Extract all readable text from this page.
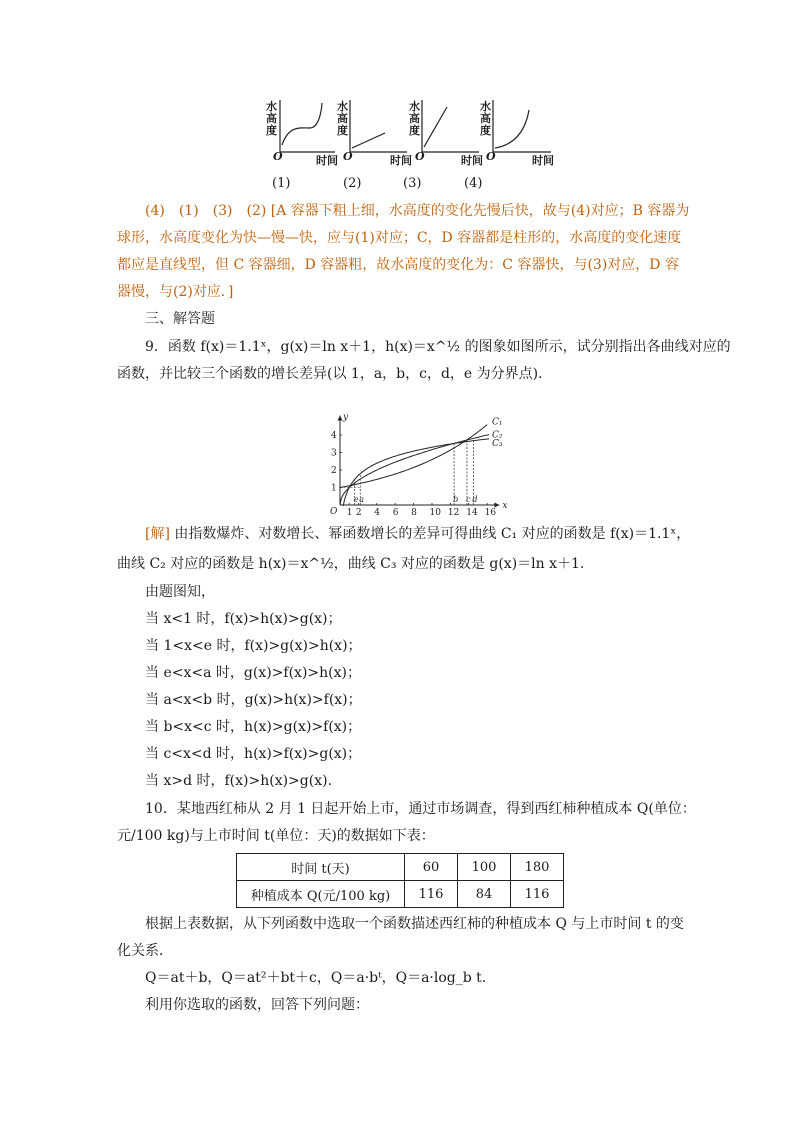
水高度
水高度
水高度
水高度
O	时间 O	时间 O	时间 O	时间
(1)	(2)	(3)	(4)
(4)　(1)　(3)　(2) [A 容器下粗上细，水高度的变化先慢后快，故与(4)对应；B 容器为
球形，水高度变化为快—慢—快，应与(1)对应；C，D 容器都是柱形的，水高度的变化速度
都应是直线型，但 C 容器细，D 容器粗，故水高度的变化为：C 容器快，与(3)对应，D 容
器慢，与(2)对应．]
三、解答题
9．函数 f(x)＝1.1ˣ，g(x)＝ln x＋1，h(x)＝x^½ 的图象如图所示，试分别指出各曲线对应的
函数，并比较三个函数的增长差异(以 1，a，b，c，d，e 为分界点)．
x
y
O 1 2 4 6 8 10 12 14 16
1
2
3
4
C₁
C₂
C₃
e a	b c d
[解] 由指数爆炸、对数增长、幂函数增长的差异可得曲线 C₁ 对应的函数是 f(x)＝1.1ˣ，
曲线 C₂ 对应的函数是 h(x)＝x^½，曲线 C₃ 对应的函数是 g(x)＝ln x＋1.
由题图知，
当 x<1 时，f(x)>h(x)>g(x)；
当 1<x<e 时，f(x)>g(x)>h(x)；
当 e<x<a 时，g(x)>f(x)>h(x)；
当 a<x<b 时，g(x)>h(x)>f(x)；
当 b<x<c 时，h(x)>g(x)>f(x)；
当 c<x<d 时，h(x)>f(x)>g(x)；
当 x>d 时，f(x)>h(x)>g(x).
10．某地西红柿从 2 月 1 日起开始上市，通过市场调查，得到西红柿种植成本 Q(单位：
元/100 kg)与上市时间 t(单位：天)的数据如下表：
时间 t(天)	60	100	180
种植成本 Q(元/100 kg)	116	84	116
根据上表数据，从下列函数中选取一个函数描述西红柿的种植成本 Q 与上市时间 t 的变
化关系．
Q＝at＋b，Q＝at²＋bt＋c，Q＝a·bᵗ，Q＝a·log_b t.
利用你选取的函数，回答下列问题：
